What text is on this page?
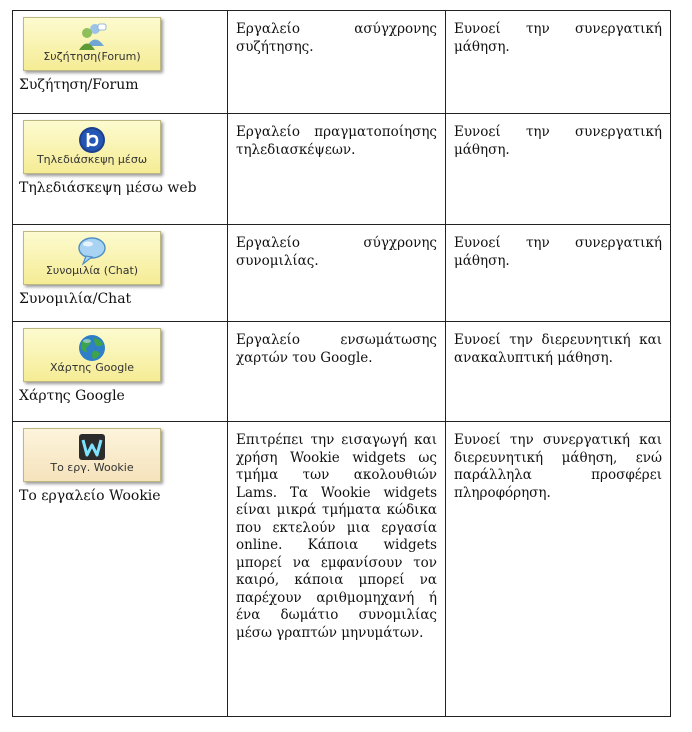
Συζήτηση(Forum)
Συζήτηση/Forum	Εργαλείο ασύγχρονης συζήτησης.	Ευνοεί την συνεργατική μάθηση.

Τηλεδιάσκεψη μέσω
Τηλεδιάσκεψη μέσω web	Εργαλείο πραγματοποίησης τηλεδιασκέψεων.	Ευνοεί την συνεργατική μάθηση.

Συνομιλία (Chat)
Συνομιλία/Chat	Εργαλείο σύγχρονης συνομιλίας.	Ευνοεί την συνεργατική μάθηση.

Χάρτης Google
Χάρτης Google	Εργαλείο ενσωμάτωσης χαρτών του Google.	Ευνοεί την διερευνητική και ανακαλυπτική μάθηση.

Το εργ. Wookie
Το εργαλείο Wookie	Επιτρέπει την εισαγωγή και χρήση Wookie widgets ως τμήμα των ακολουθιών Lams. Τα Wookie widgets είναι μικρά τμήματα κώδικα που εκτελούν μια εργασία online. Κάποια widgets μπορεί να εμφανίσουν τον καιρό, κάποια μπορεί να παρέχουν αριθμομηχανή ή ένα δωμάτιο συνομιλίας μέσω γραπτών μηνυμάτων.	Ευνοεί την συνεργατική και διερευνητική μάθηση, ενώ παράλληλα προσφέρει πληροφόρηση.
